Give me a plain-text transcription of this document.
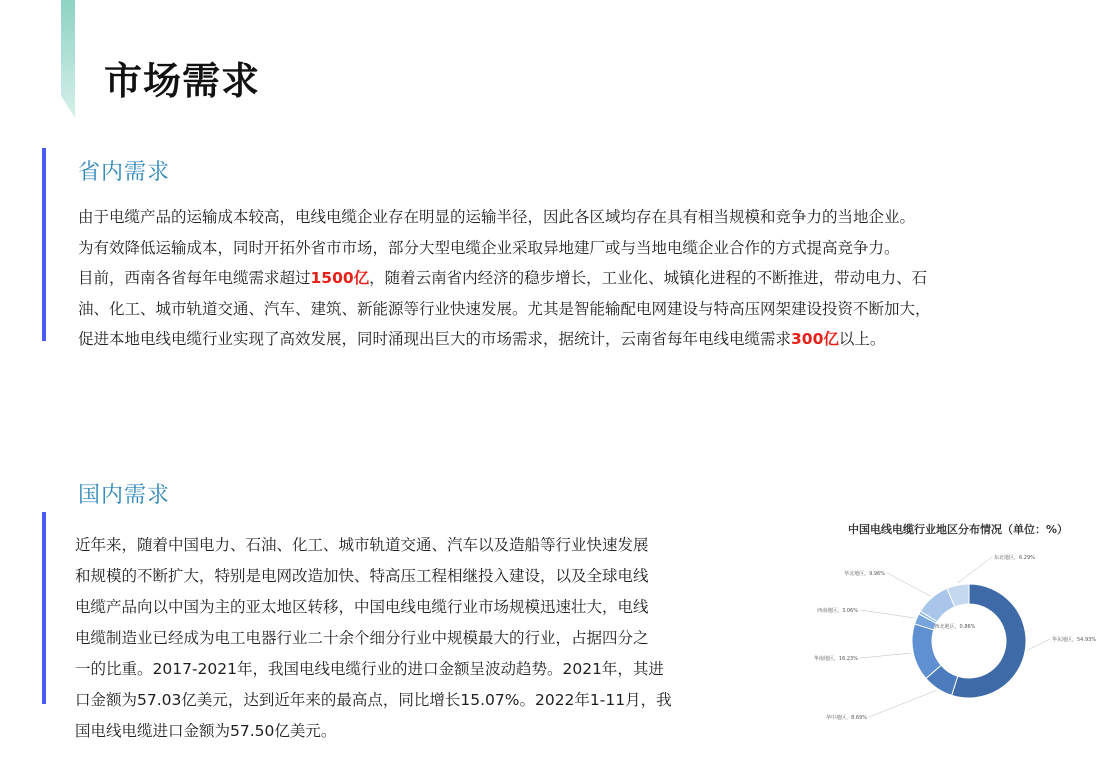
市场需求
省内需求
由于电缆产品的运输成本较高，电线电缆企业存在明显的运输半径，因此各区域均存在具有相当规模和竞争力的当地企业。
为有效降低运输成本，同时开拓外省市市场，部分大型电缆企业采取异地建厂或与当地电缆企业合作的方式提高竞争力。
目前，西南各省每年电缆需求超过1500亿，随着云南省内经济的稳步增长，工业化、城镇化进程的不断推进，带动电力、石
油、化工、城市轨道交通、汽车、建筑、新能源等行业快速发展。尤其是智能输配电网建设与特高压网架建设投资不断加大，
促进本地电线电缆行业实现了高效发展，同时涌现出巨大的市场需求，据统计，云南省每年电线电缆需求300亿以上。
国内需求
近年来，随着中国电力、石油、化工、城市轨道交通、汽车以及造船等行业快速发展
和规模的不断扩大，特别是电网改造加快、特高压工程相继投入建设，以及全球电线
电缆产品向以中国为主的亚太地区转移，中国电线电缆行业市场规模迅速壮大，电线
电缆制造业已经成为电工电器行业二十余个细分行业中规模最大的行业，占据四分之
一的比重。2017-2021年，我国电线电缆行业的进口金额呈波动趋势。2021年，其进
口金额为57.03亿美元，达到近年来的最高点，同比增长15.07%。2022年1-11月，我
国电线电缆进口金额为57.50亿美元。
中国电线电缆行业地区分布情况（单位：%）
华东地区，54.93%
华中地区，8.69%
华南地区，16.23%
西南地区，3.06%
西北地区，0.86%
华北地区，9.96%
东北地区，6.29%
